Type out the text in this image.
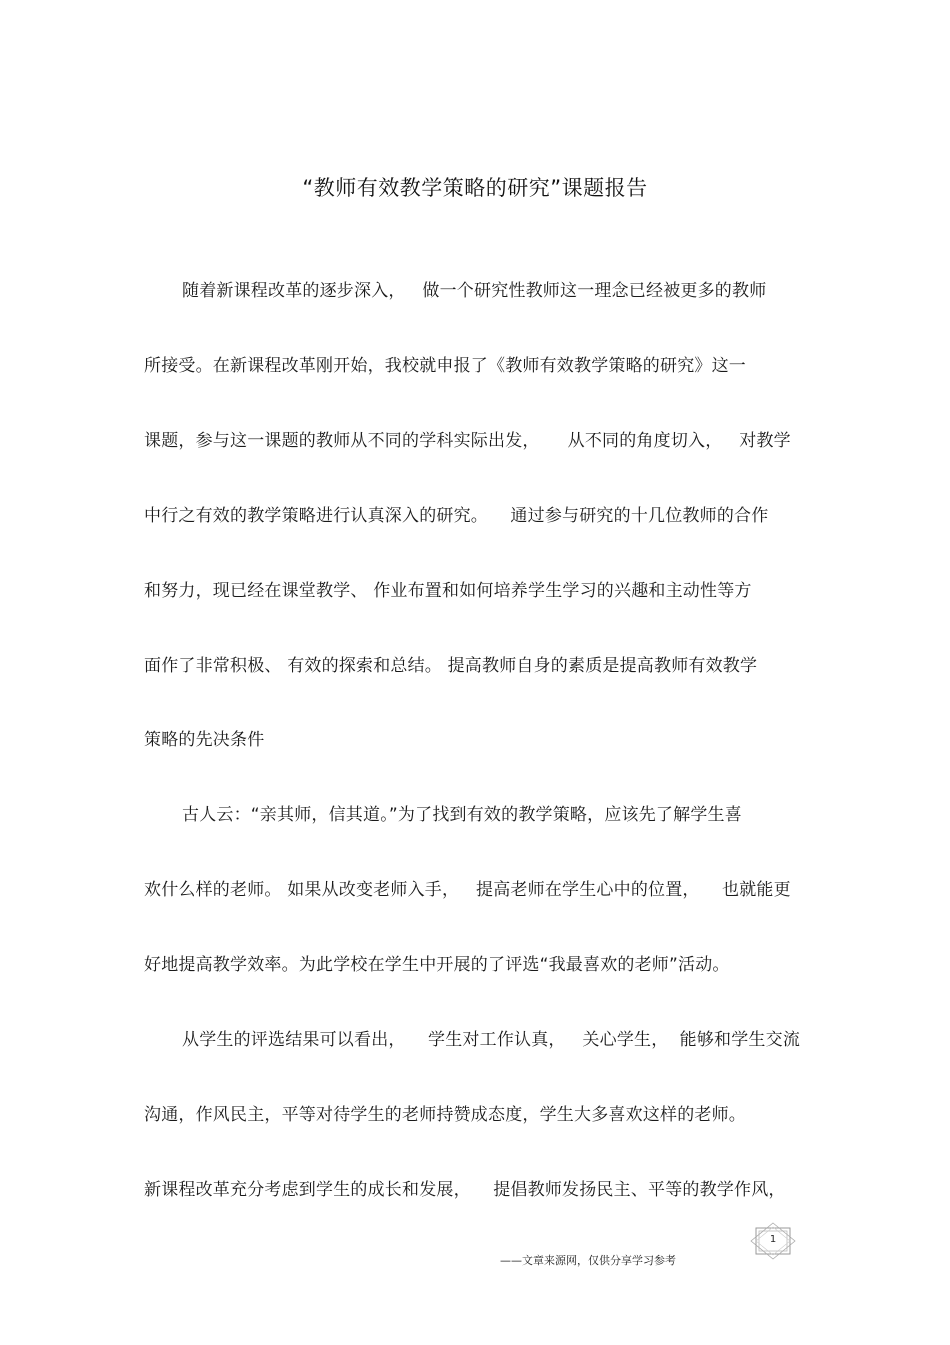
“教师有效教学策略的研究”课题报告
随着新课程改革的逐步深入，   做一个研究性教师这一理念已经被更多的教师
所接受。在新课程改革刚开始，我校就申报了《教师有效教学策略的研究》这一
课题，参与这一课题的教师从不同的学科实际出发，     从不同的角度切入，   对教学
中行之有效的教学策略进行认真深入的研究。    通过参与研究的十几位教师的合作
和努力，现已经在课堂教学、 作业布置和如何培养学生学习的兴趣和主动性等方
面作了非常积极、 有效的探索和总结。 提高教师自身的素质是提高教师有效教学
策略的先决条件
古人云：“亲其师，信其道。”为了找到有效的教学策略，应该先了解学生喜
欢什么样的老师。 如果从改变老师入手，   提高老师在学生心中的位置，    也就能更
好地提高教学效率。为此学校在学生中开展的了评选“我最喜欢的老师”活动。
从学生的评选结果可以看出，    学生对工作认真，   关心学生，  能够和学生交流
沟通，作风民主，平等对待学生的老师持赞成态度，学生大多喜欢这样的老师。
新课程改革充分考虑到学生的成长和发展，    提倡教师发扬民主、平等的教学作风，
——文章来源网，仅供分享学习参考
1
